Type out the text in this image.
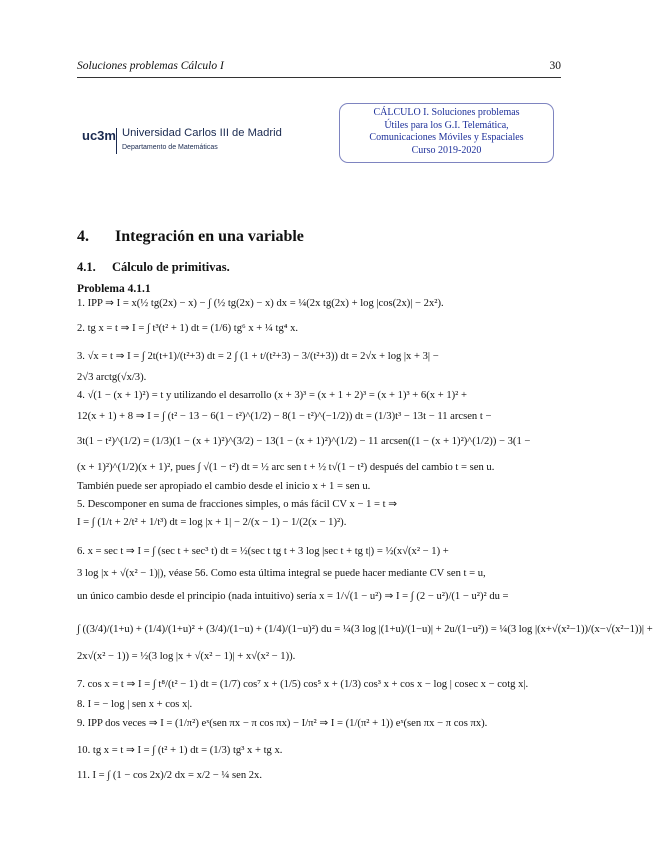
Soluciones problemas Cálculo I	30
uc3m Universidad Carlos III de Madrid
Departamento de Matemáticas
CÁLCULO I. Soluciones problemas
Útiles para los G.I. Telemática,
Comunicaciones Móviles y Espaciales
Curso 2019-2020
4. Integración en una variable
4.1. Cálculo de primitivas.
Problema 4.1.1
1. IPP ⇒ I = x(½ tg(2x) − x) − ∫ (½ tg(2x) − x) dx = ¼(2x tg(2x) + log |cos(2x)| − 2x²).
2. tg x = t ⇒ I = ∫ t³(t² + 1) dt = (1/6) tg⁶ x + ¼ tg⁴ x.
3. √x = t ⇒ I = ∫ 2t(t+1)/(t²+3) dt = 2 ∫ (1 + t/(t²+3) − 3/(t²+3)) dt = 2√x + log |x + 3| −
2√3 arctg(√x/3).
4. √(1 − (x + 1)²) = t y utilizando el desarrollo (x + 3)³ = (x + 1 + 2)³ = (x + 1)³ + 6(x + 1)² +
12(x + 1) + 8 ⇒ I = ∫ (t² − 13 − 6(1 − t²)^(1/2) − 8(1 − t²)^(−1/2)) dt = (1/3)t³ − 13t − 11 arcsen t −
3t(1 − t²)^(1/2) = (1/3)(1 − (x + 1)²)^(3/2) − 13(1 − (x + 1)²)^(1/2) − 11 arcsen((1 − (x + 1)²)^(1/2)) − 3(1 −
(x + 1)²)^(1/2)(x + 1)², pues ∫ √(1 − t²) dt = ½ arc sen t + ½ t√(1 − t²) después del cambio t = sen u.
También puede ser apropiado el cambio desde el inicio x + 1 = sen u.
5. Descomponer en suma de fracciones simples, o más fácil CV x − 1 = t ⇒
I = ∫ (1/t + 2/t² + 1/t³) dt = log |x + 1| − 2/(x − 1) − 1/(2(x − 1)²).
6. x = sec t ⇒ I = ∫ (sec t + sec³ t) dt = ½(sec t tg t + 3 log |sec t + tg t|) = ½(x√(x² − 1) +
3 log |x + √(x² − 1)|), véase 56. Como esta última integral se puede hacer mediante CV sen t = u,
un único cambio desde el principio (nada intuitivo) sería x = 1/√(1 − u²) ⇒ I = ∫ (2 − u²)/(1 − u²)² du =
∫ ((3/4)/(1+u) + (1/4)/(1+u)² + (3/4)/(1−u) + (1/4)/(1−u)²) du = ¼(3 log |(1+u)/(1−u)| + 2u/(1−u²)) = ¼(3 log |(x+√(x²−1))/(x−√(x²−1))| +
2x√(x² − 1)) = ½(3 log |x + √(x² − 1)| + x√(x² − 1)).
7. cos x = t ⇒ I = ∫ t⁸/(t² − 1) dt = (1/7) cos⁷ x + (1/5) cos⁵ x + (1/3) cos³ x + cos x − log | cosec x − cotg x|.
8. I = − log | sen x + cos x|.
9. IPP dos veces ⇒ I = (1/π²) eˣ(sen πx − π cos πx) − I/π² ⇒ I = (1/(π² + 1)) eˣ(sen πx − π cos πx).
10. tg x = t ⇒ I = ∫ (t² + 1) dt = (1/3) tg³ x + tg x.
11. I = ∫ (1 − cos 2x)/2 dx = x/2 − ¼ sen 2x.
